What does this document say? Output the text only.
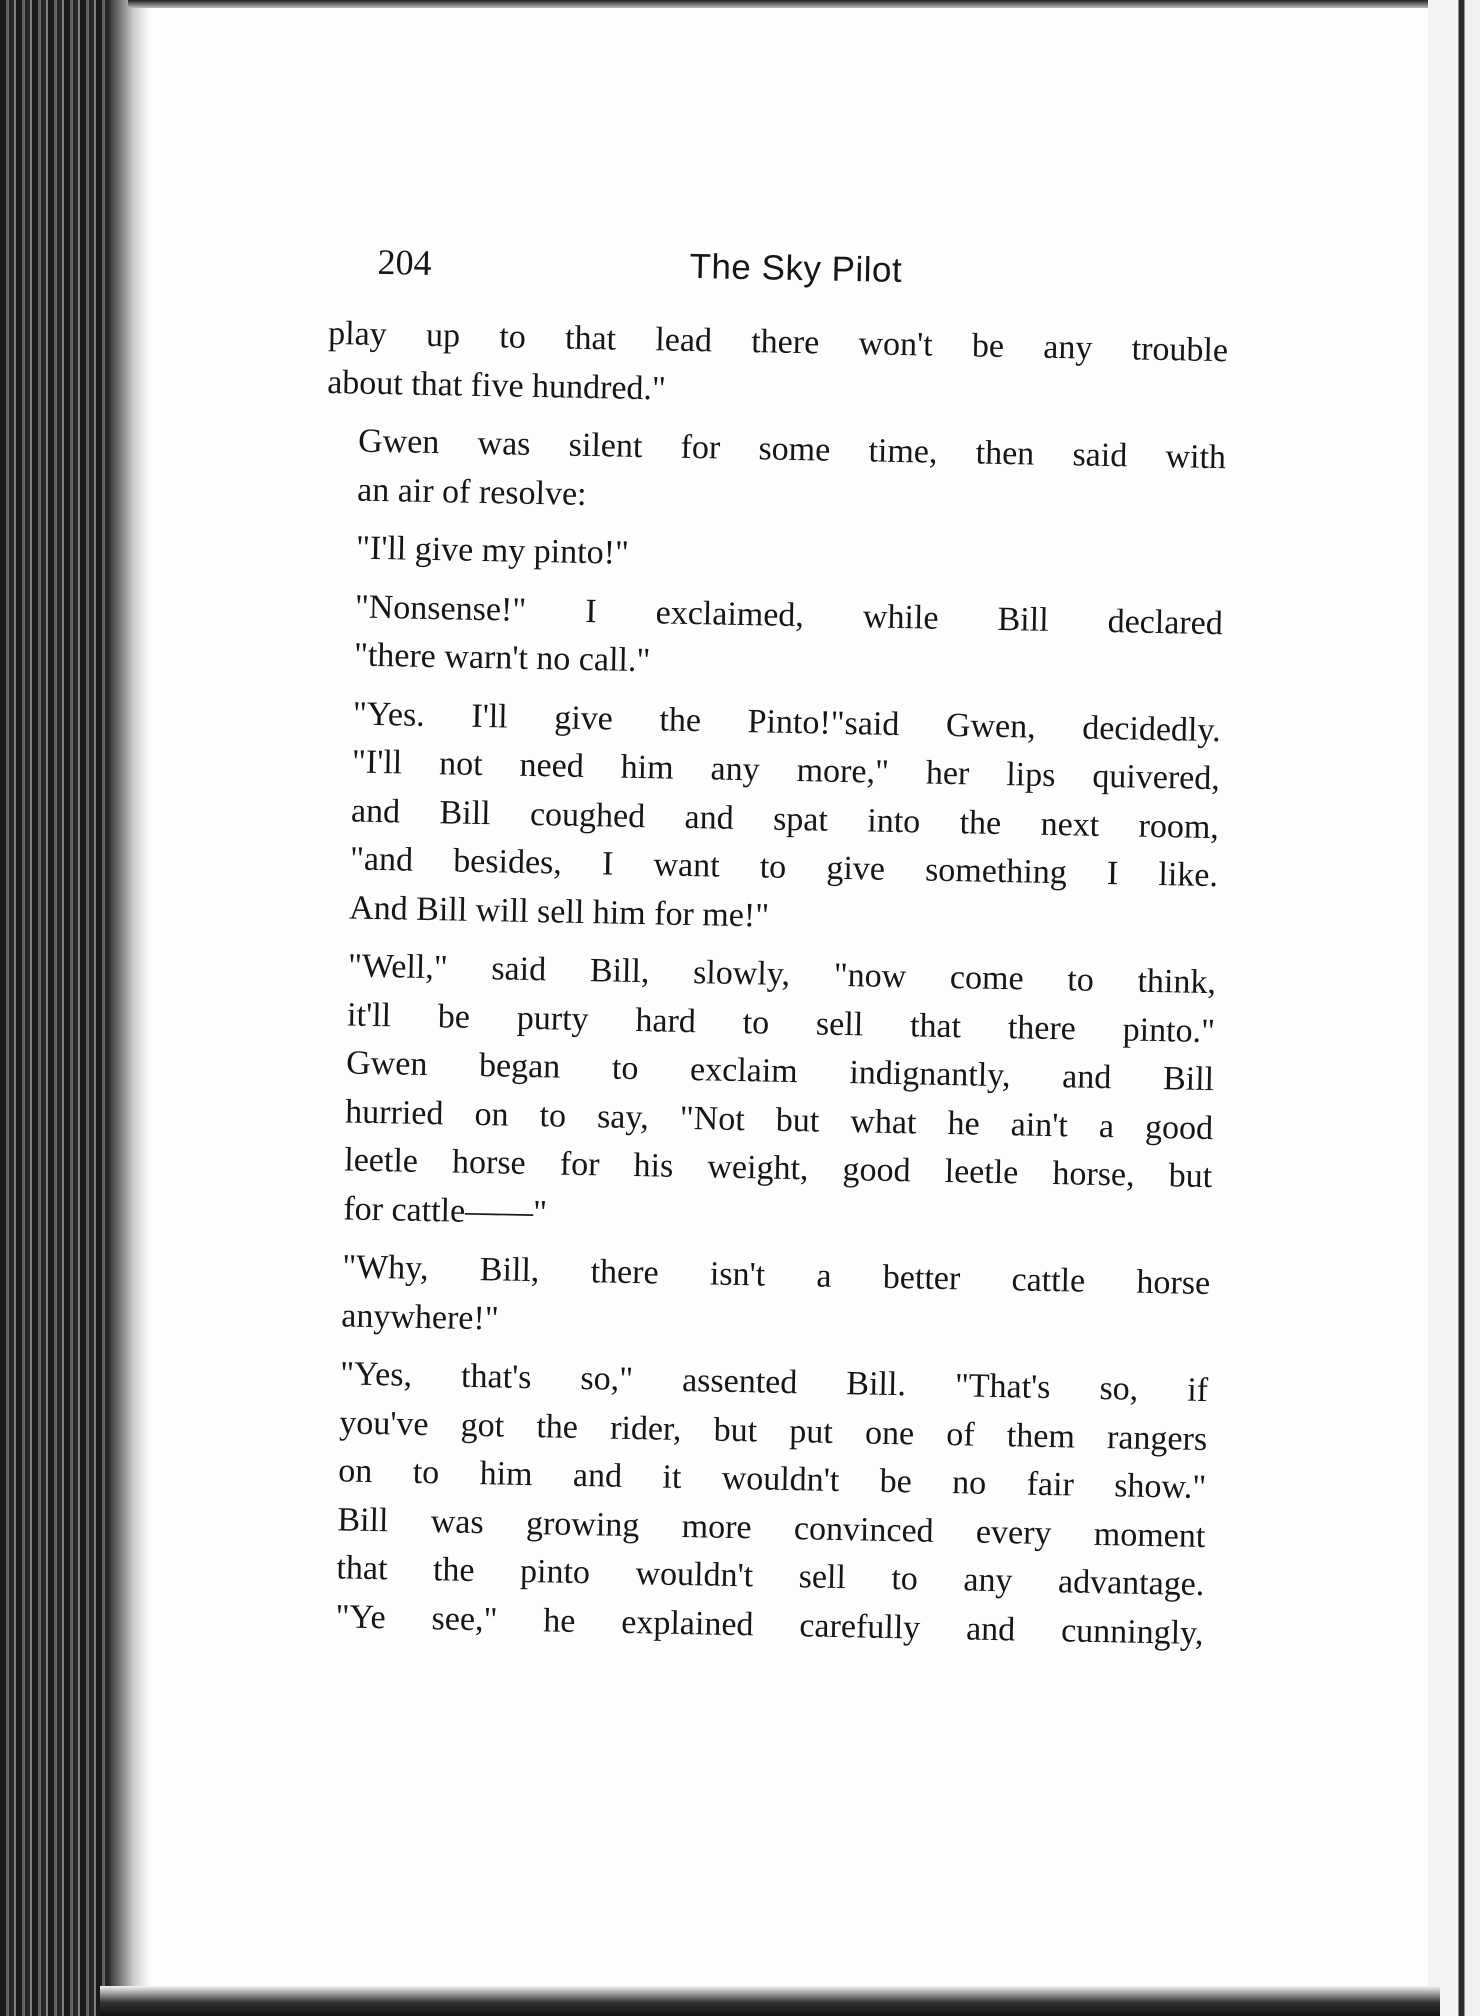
204	The Sky Pilot

play up to that lead there won't be any trouble
about that five hundred."

Gwen was silent for some time, then said with
an air of resolve:

"I'll give my pinto!"

"Nonsense!" I exclaimed, while Bill declared
"there warn't no call."

"Yes. I'll give the Pinto!"said Gwen, decidedly.
"I'll not need him any more," her lips quivered,
and Bill coughed and spat into the next room,
"and besides, I want to give something I like.
And Bill will sell him for me!"

"Well," said Bill, slowly, "now come to think,
it'll be purty hard to sell that there pinto."
Gwen began to exclaim indignantly, and Bill
hurried on to say, "Not but what he ain't a good
leetle horse for his weight, good leetle horse, but
for cattle——"

"Why, Bill, there isn't a better cattle horse
anywhere!"

"Yes, that's so," assented Bill. "That's so, if
you've got the rider, but put one of them rangers
on to him and it wouldn't be no fair show."
Bill was growing more convinced every moment
that the pinto wouldn't sell to any advantage.
"Ye see," he explained carefully and cunningly,
